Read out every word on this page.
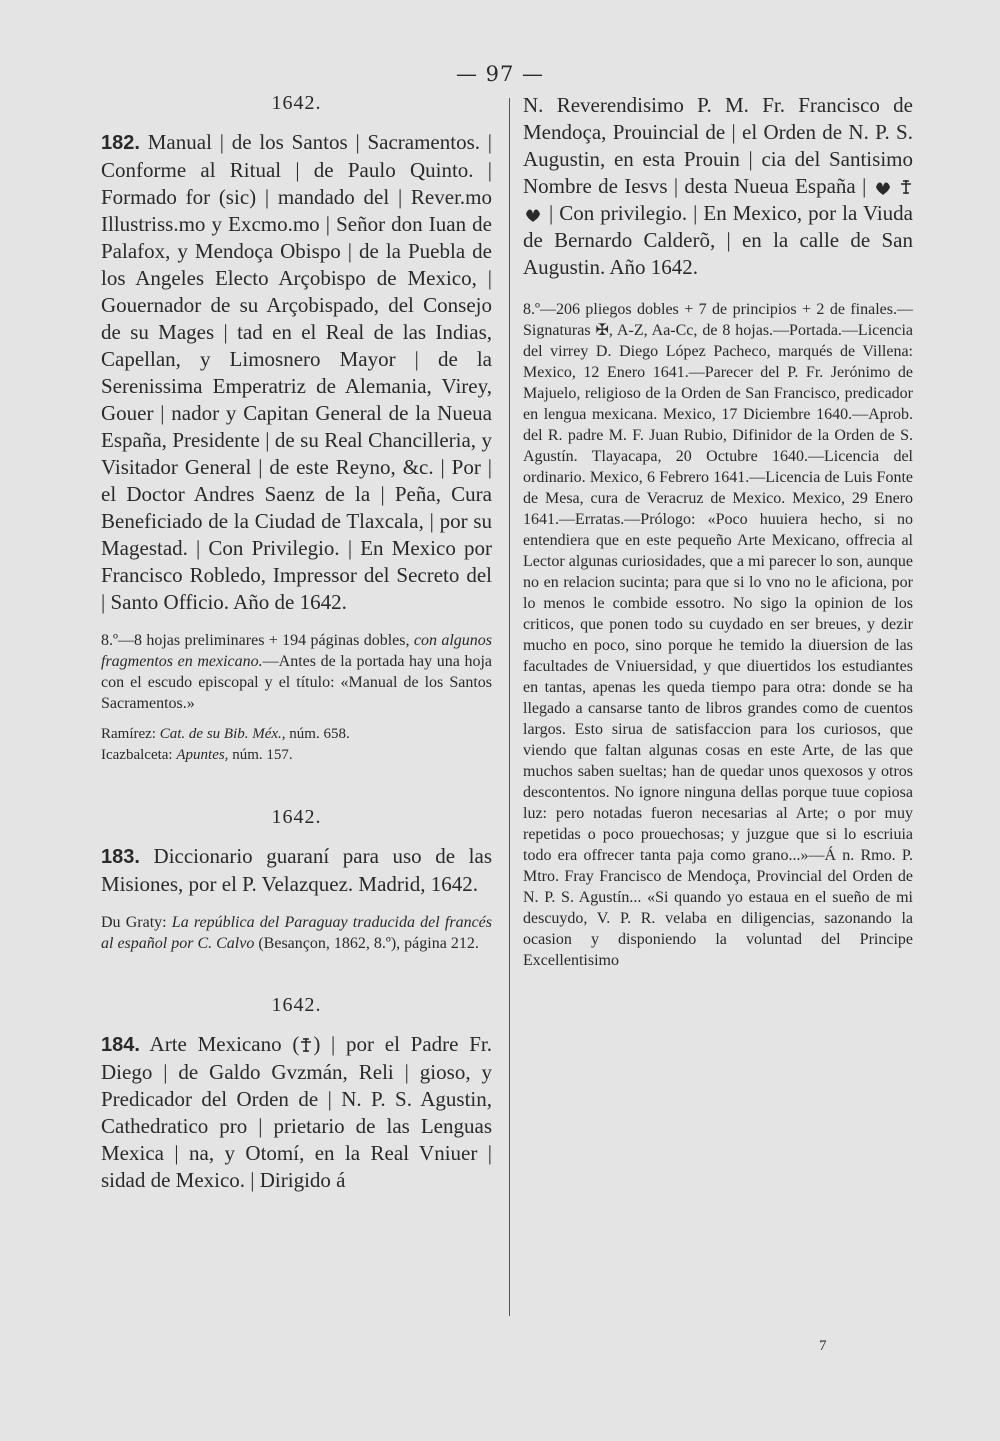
— 97 —
1642.

182. Manual | de los Santos | Sacramentos. | Conforme al Ritual | de Paulo Quinto. | Formado for (sic) | mandado del | Rever.mo Illustriss.mo y Excmo.mo | Señor don Iuan de Palafox, y Mendoça Obispo | de la Puebla de los Angeles Electo Arçobispo de Mexico, | Gouernador de su Arçobispado, del Consejo de su Mages | tad en el Real de las Indias, Capellan, y Limosnero Mayor | de la Serenissima Emperatriz de Alemania, Virey, Gouer | nador y Capitan General de la Nueua España, Presidente | de su Real Chancilleria, y Visitador General | de este Reyno, &c. | Por | el Doctor Andres Saenz de la | Peña, Cura Beneficiado de la Ciudad de Tlaxcala, | por su Magestad. | Con Privilegio. | En Mexico por Francisco Robledo, Impressor del Secreto del | Santo Officio. Año de 1642.

8.º—8 hojas preliminares + 194 páginas dobles, con algunos fragmentos en mexicano.—Antes de la portada hay una hoja con el escudo episcopal y el título: «Manual de los Santos Sacramentos.»

Ramírez: Cat. de su Bib. Méx., núm. 658.

Icazbalceta: Apuntes, núm. 157.

1642.

183. Diccionario guaraní para uso de las Misiones, por el P. Velazquez. Madrid, 1642.

Du Graty: La república del Paraguay traducida del francés al español por C. Calvo (Besançon, 1862, 8.º), página 212.

1642.

184. Arte Mexicano ( ) | por el Padre Fr. Diego | de Galdo Gvzmán, Reli | gioso, y Predicador del Orden de | N. P. S. Agustin, Cathedratico pro | prietario de las Lenguas Mexica | na, y Otomí, en la Real Vniuer | sidad de Mexico. | Dirigido á

N. Reverendisimo P. M. Fr. Francisco de Mendoça, Prouincial de | el Orden de N. P. S. Augustin, en esta Prouin | cia del Santisimo Nombre de Iesvs | desta Nueua España |    | Con privilegio. | En Mexico, por la Viuda de Bernardo Calderõ, | en la calle de San Augustin. Año 1642.

8.º—206 pliegos dobles + 7 de principios + 2 de finales.—Signaturas ✠, A-Z, Aa-Cc, de 8 hojas.—Portada.—Licencia del virrey D. Diego López Pacheco, marqués de Villena: Mexico, 12 Enero 1641.—Parecer del P. Fr. Jerónimo de Majuelo, religioso de la Orden de San Francisco, predicador en lengua mexicana. Mexico, 17 Diciembre 1640.—Aprob. del R. padre M. F. Juan Rubio, Difinidor de la Orden de S. Agustín. Tlayacapa, 20 Octubre 1640.—Licencia del ordinario. Mexico, 6 Febrero 1641.—Licencia de Luis Fonte de Mesa, cura de Veracruz de Mexico. Mexico, 29 Enero 1641.—Erratas.—Prólogo: «Poco huuiera hecho, si no entendiera que en este pequeño Arte Mexicano, offrecia al Lector algunas curiosidades, que a mi parecer lo son, aunque no en relacion sucinta; para que si lo vno no le aficiona, por lo menos le combide essotro. No sigo la opinion de los criticos, que ponen todo su cuydado en ser breues, y dezir mucho en poco, sino porque he temido la diuersion de las facultades de Vniuersidad, y que diuertidos los estudiantes en tantas, apenas les queda tiempo para otra: donde se ha llegado a cansarse tanto de libros grandes como de cuentos largos. Esto sirua de satisfaccion para los curiosos, que viendo que faltan algunas cosas en este Arte, de las que muchos saben sueltas; han de quedar unos quexosos y otros descontentos. No ignore ninguna dellas porque tuue copiosa luz: pero notadas fueron necesarias al Arte; o por muy repetidas o poco prouechosas; y juzgue que si lo escriuia todo era offrecer tanta paja como grano...»—Á n. Rmo. P. Mtro. Fray Francisco de Mendoça, Provincial del Orden de N. P. S. Agustín... «Si quando yo estaua en el sueño de mi descuydo, V. P. R. velaba en diligencias, sazonando la ocasion y disponiendo la voluntad del Principe Excellentisimo

7
